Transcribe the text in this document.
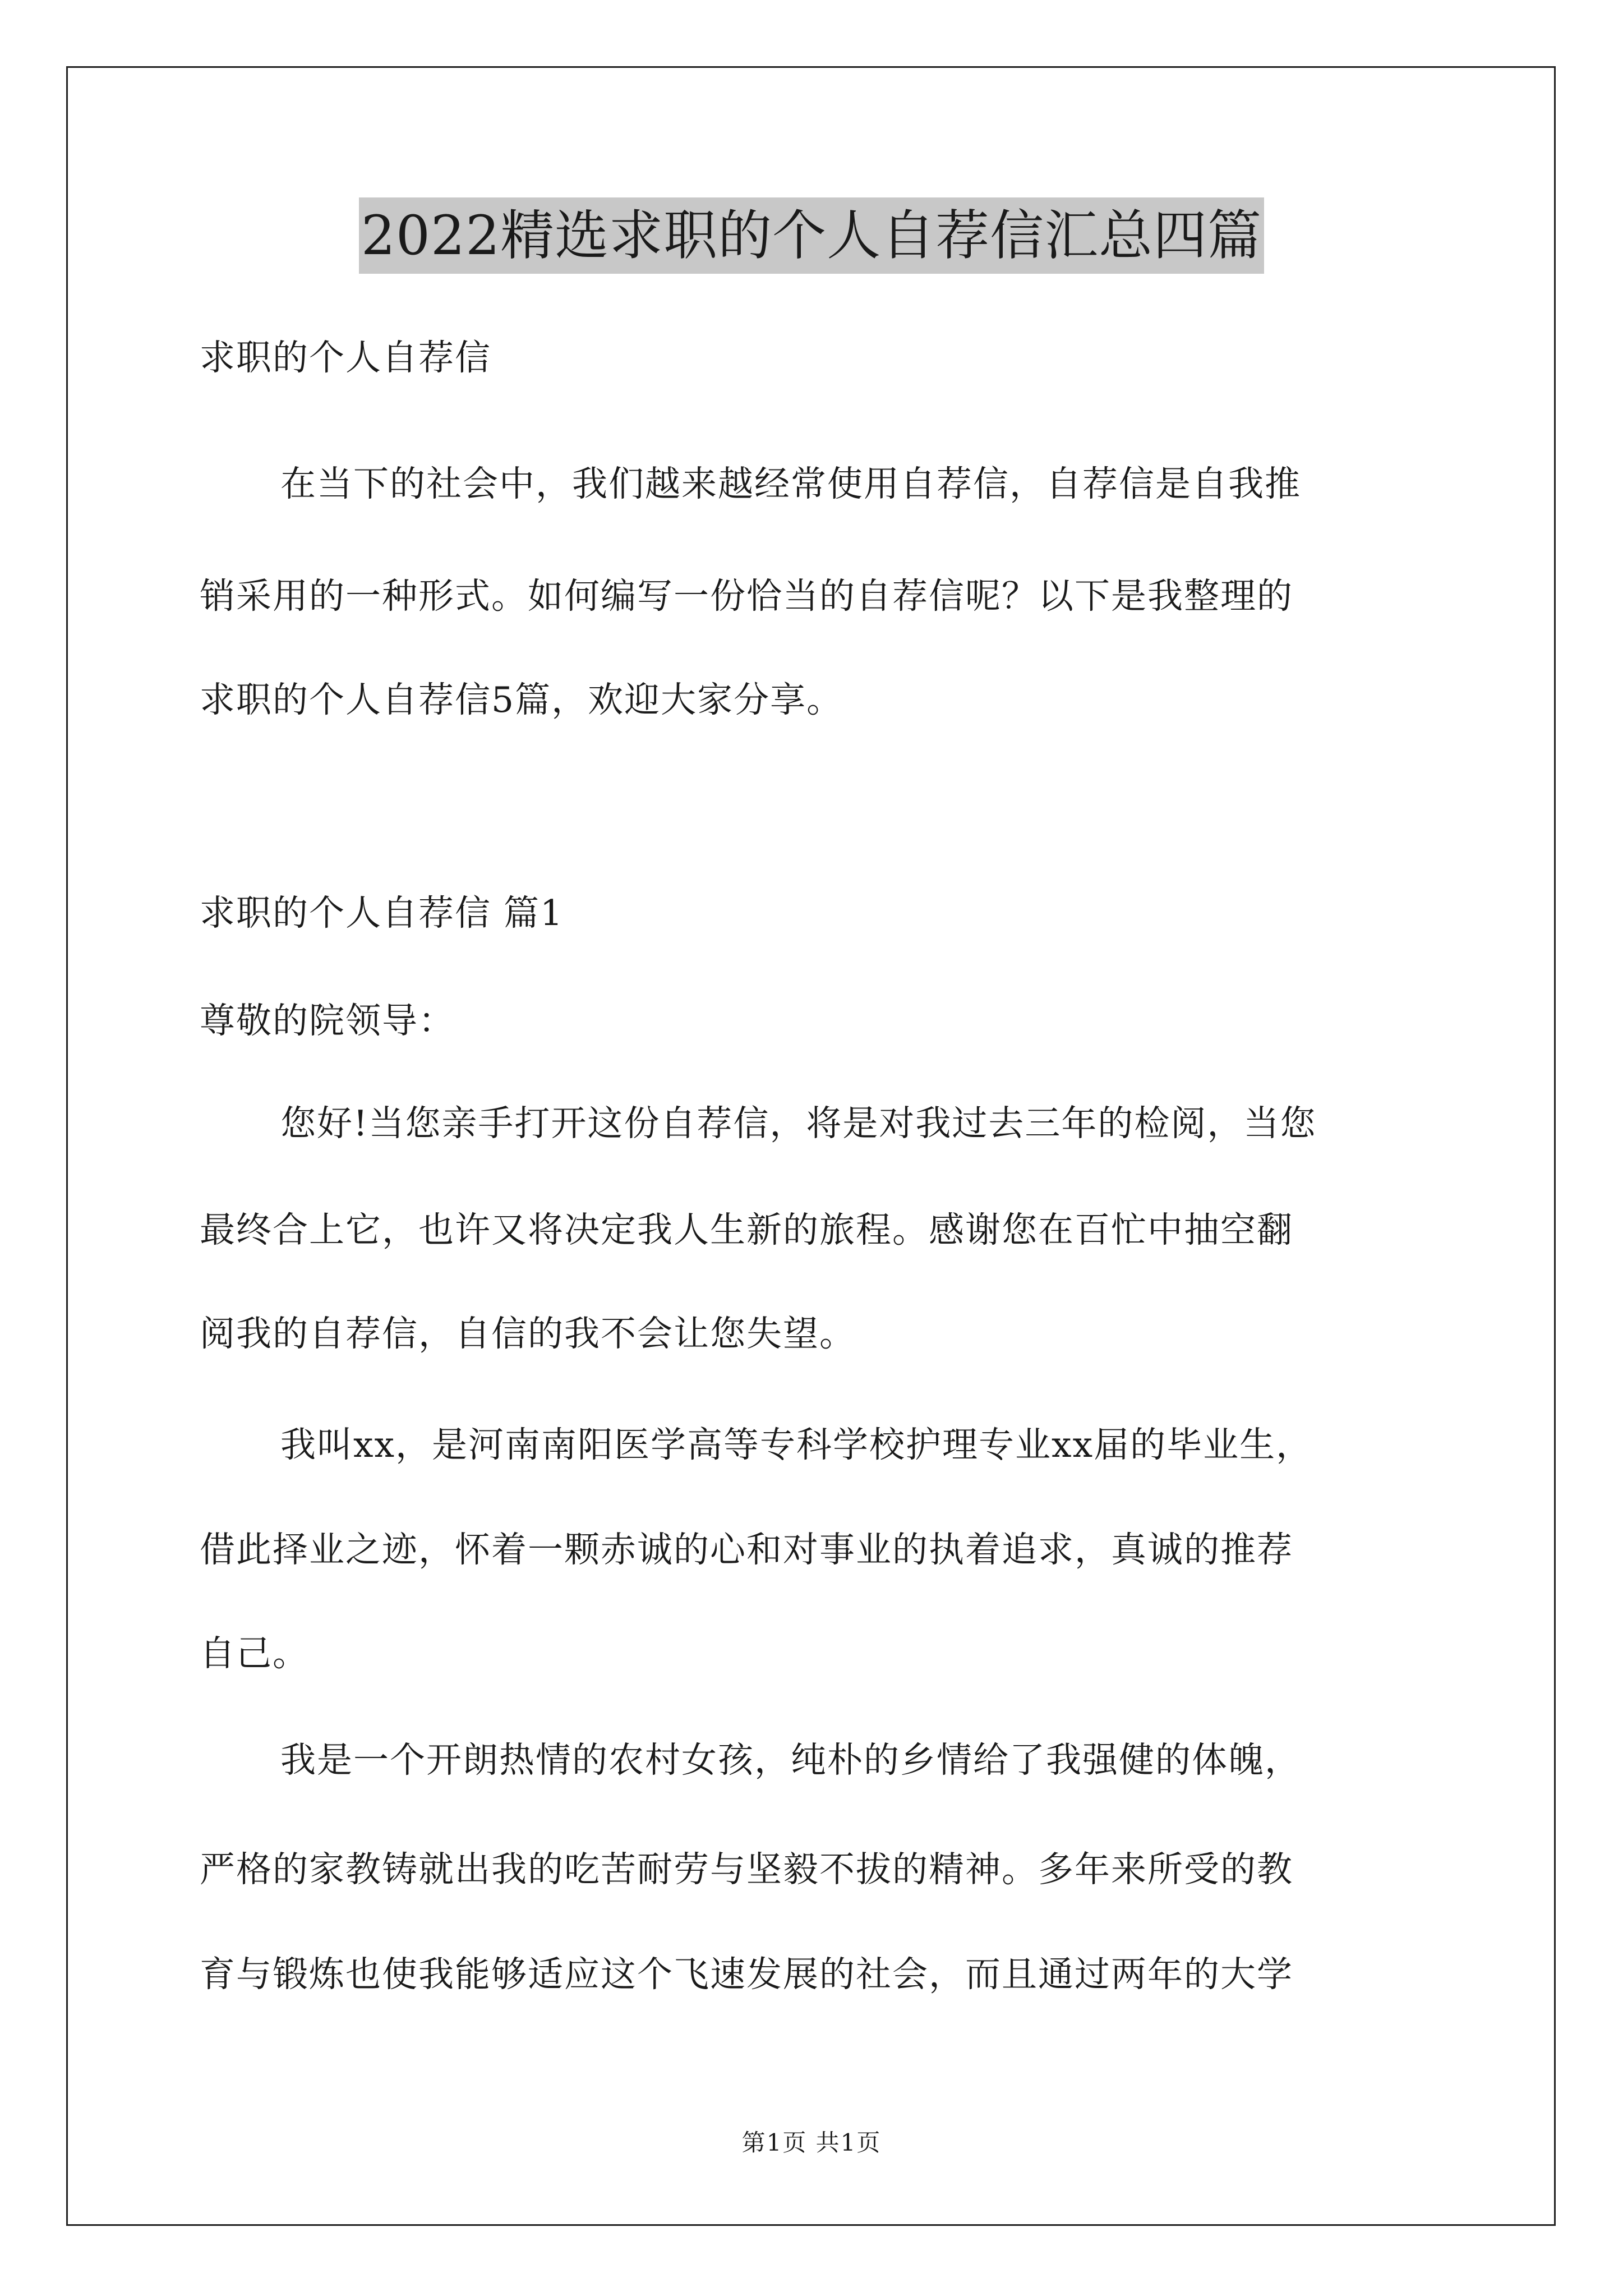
2022精选求职的个人自荐信汇总四篇
求职的个人自荐信
在当下的社会中，我们越来越经常使用自荐信，自荐信是自我推
销采用的一种形式。如何编写一份恰当的自荐信呢？以下是我整理的
求职的个人自荐信5篇，欢迎大家分享。
求职的个人自荐信 篇1
尊敬的院领导：
您好!当您亲手打开这份自荐信，将是对我过去三年的检阅，当您
最终合上它，也许又将决定我人生新的旅程。感谢您在百忙中抽空翻
阅我的自荐信，自信的我不会让您失望。
我叫xx，是河南南阳医学高等专科学校护理专业xx届的毕业生，
借此择业之迹，怀着一颗赤诚的心和对事业的执着追求，真诚的推荐
自己。
我是一个开朗热情的农村女孩，纯朴的乡情给了我强健的体魄，
严格的家教铸就出我的吃苦耐劳与坚毅不拔的精神。多年来所受的教
育与锻炼也使我能够适应这个飞速发展的社会，而且通过两年的大学
第1页 共1页
